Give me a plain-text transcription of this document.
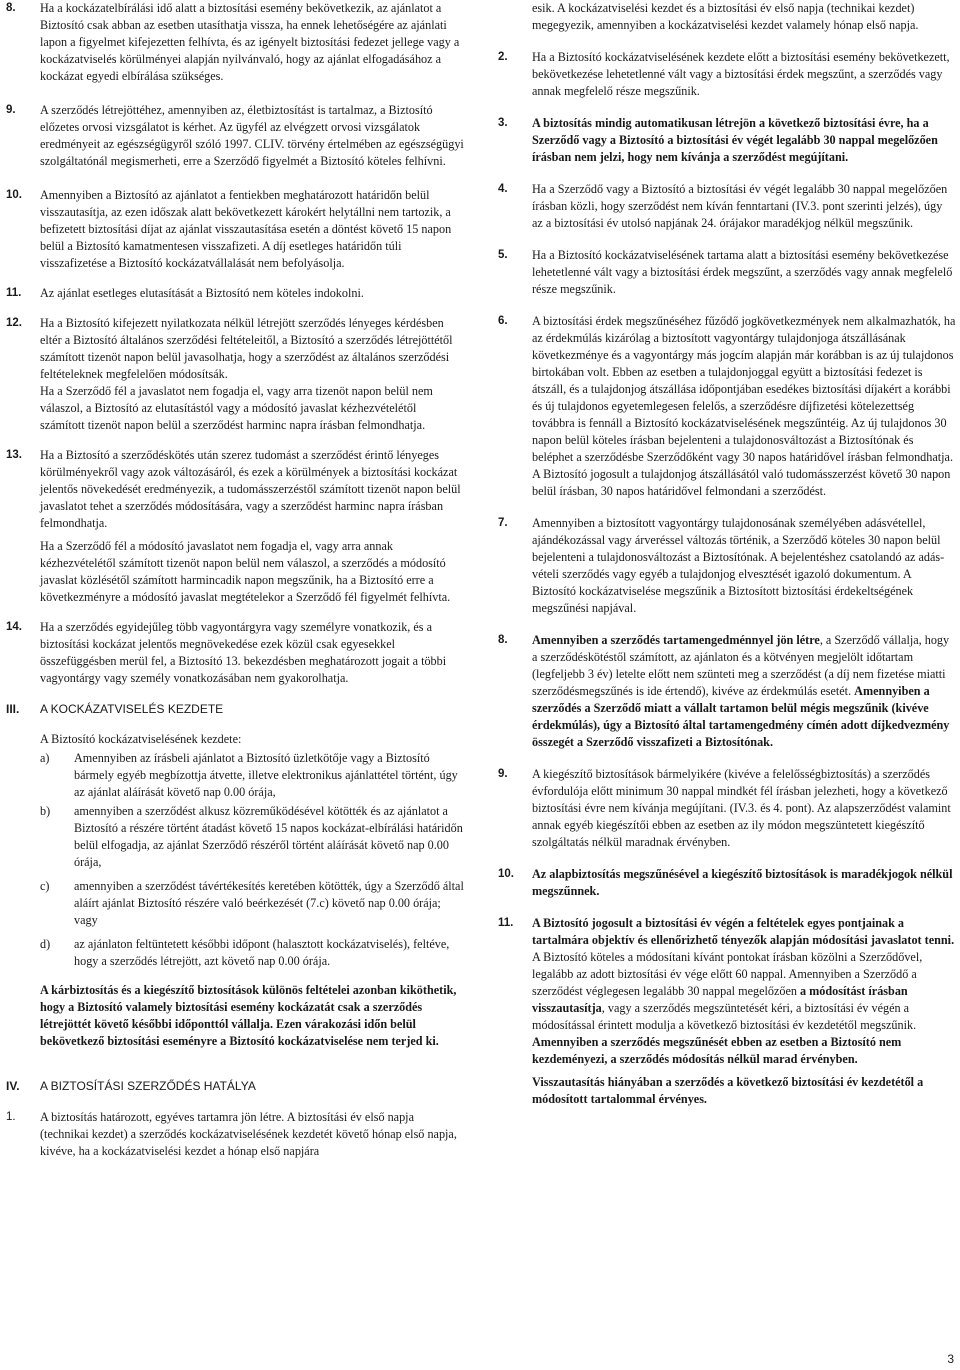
8. Ha a kockázatelbírálási idő alatt a biztosítási esemény bekövetkezik, az ajánlatot a Biztosító csak abban az esetben utasíthatja vissza, ha ennek lehetőségére az ajánlati lapon a figyelmet kifejezetten felhívta, és az igényelt biztosítási fedezet jellege vagy a kockázatviselés körülményei alapján nyilvánvaló, hogy az ajánlat elfogadásához a kockázat egyedi elbírálása szükséges.
9. A szerződés létrejöttéhez, amennyiben az, életbiztosítást is tartalmaz, a Biztosító előzetes orvosi vizsgálatot is kérhet. Az ügyfél az elvégzett orvosi vizsgálatok eredményeit az egészségügyről szóló 1997. CLIV. törvény értelmében az egészségügyi szolgáltatónál megismerheti, erre a Szerződő figyelmét a Biztosító köteles felhívni.
10. Amennyiben a Biztosító az ajánlatot a fentiekben meghatározott határidőn belül visszautasítja, az ezen időszak alatt bekövetkezett károkért helytállni nem tartozik, a befizetett biztosítási díjat az ajánlat visszautasítása esetén a döntést követő 15 napon belül a Biztosító kamatmentesen visszafizeti. A díj esetleges határidőn túli visszafizetése a Biztosító kockázatvállalását nem befolyásolja.
11. Az ajánlat esetleges elutasítását a Biztosító nem köteles indokolni.
12. Ha a Biztosító kifejezett nyilatkozata nélkül létrejött szerződés lényeges kérdésben eltér a Biztosító általános szerződési feltételeitől, a Biztosító a szerződés létrejöttétől számított tizenöt napon belül javasolhatja, hogy a szerződést az általános szerződési feltételeknek megfelelően módosítsák.
Ha a Szerződő fél a javaslatot nem fogadja el, vagy arra tizenöt napon belül nem válaszol, a Biztosító az elutasítástól vagy a módosító javaslat kézhezvételétől számított tizenöt napon belül a szerződést harminc napra írásban felmondhatja.
13. Ha a Biztosító a szerződéskötés után szerez tudomást a szerződést érintő lényeges körülményekről vagy azok változásáról, és ezek a körülmények a biztosítási kockázat jelentős növekedését eredményezik, a tudomásszerzéstől számított tizenöt napon belül javaslatot tehet a szerződés módosítására, vagy a szerződést harminc napra írásban felmondhatja.
Ha a Szerződő fél a módosító javaslatot nem fogadja el, vagy arra annak kézhezvételétől számított tizenöt napon belül nem válaszol, a szerződés a módosító javaslat közlésétől számított harmincadik napon megszűnik, ha a Biztosító erre a következményre a módosító javaslat megtételekor a Szerződő fél figyelmét felhívta.
14. Ha a szerződés egyidejűleg több vagyontárgyra vagy személyre vonatkozik, és a biztosítási kockázat jelentős megnövekedése ezek közül csak egyesekkel összefüggésben merül fel, a Biztosító 13. bekezdésben meghatározott jogait a többi vagyontárgy vagy személy vonatkozásában nem gyakorolhatja.
III. A KOCKÁZATVISELÉS KEZDETE
A Biztosító kockázatviselésének kezdete:
a) Amennyiben az írásbeli ajánlatot a Biztosító üzletkötője vagy a Biztosító bármely egyéb megbízottja átvette, illetve elektronikus ajánlattétel történt, úgy az ajánlat aláírását követő nap 0.00 órája,
b) amennyiben a szerződést alkusz közreműködésével kötötték és az ajánlatot a Biztosító a részére történt átadást követő 15 napos kockázat-elbírálási határidőn belül elfogadja, az ajánlat Szerződő részéről történt aláírását követő nap 0.00 órája,
c) amennyiben a szerződést távértékesítés keretében kötötték, úgy a Szerződő által aláírt ajánlat Biztosító részére való beérkezését (7.c) követő nap 0.00 órája; vagy
d) az ajánlaton feltüntetett későbbi időpont (halasztott kockázatviselés), feltéve, hogy a szerződés létrejött, azt követő nap 0.00 órája.
A kárbiztosítás és a kiegészítő biztosítások különös feltételei azonban kiköthetik, hogy a Biztosító valamely biztosítási esemény kockázatát csak a szerződés létrejöttét követő későbbi időponttól vállalja. Ezen várakozási időn belül bekövetkező biztosítási eseményre a Biztosító kockázatviselése nem terjed ki.
IV. A BIZTOSÍTÁSI SZERZŐDÉS HATÁLYA
1. A biztosítás határozott, egyéves tartamra jön létre. A biztosítási év első napja (technikai kezdet) a szerződés kockázatviselésének kezdetét követő hónap első napja, kivéve, ha a kockázatviselési kezdet a hónap első napjára
esik. A kockázatviselési kezdet és a biztosítási év első napja (technikai kezdet) megegyezik, amennyiben a kockázatviselési kezdet valamely hónap első napja.
2. Ha a Biztosító kockázatviselésének kezdete előtt a biztosítási esemény bekövetkezett, bekövetkezése lehetetlenné vált vagy a biztosítási érdek megszűnt, a szerződés vagy annak megfelelő része megszűnik.
3. A biztosítás mindig automatikusan létrejön a következő biztosítási évre, ha a Szerződő vagy a Biztosító a biztosítási év végét legalább 30 nappal megelőzően írásban nem jelzi, hogy nem kívánja a szerződést megújítani.
4. Ha a Szerződő vagy a Biztosító a biztosítási év végét legalább 30 nappal megelőzően írásban közli, hogy szerződést nem kíván fenntartani (IV.3. pont szerinti jelzés), úgy az a biztosítási év utolsó napjának 24. órájakor maradékjog nélkül megszűnik.
5. Ha a Biztosító kockázatviselésének tartama alatt a biztosítási esemény bekövetkezése lehetetlenné vált vagy a biztosítási érdek megszűnt, a szerződés vagy annak megfelelő része megszűnik.
6. A biztosítási érdek megszűnéséhez fűződő jogkövetkezmények nem alkalmazhatók, ha az érdekmúlás kizárólag a biztosított vagyontárgy tulajdonjoga átszállásának következménye és a vagyontárgy más jogcím alapján már korábban is az új tulajdonos birtokában volt. Ebben az esetben a tulajdonjoggal együtt a biztosítási fedezet is átszáll, és a tulajdonjog átszállása időpontjában esedékes biztosítási díjakért a korábbi és új tulajdonos egyetemlegesen felelős, a szerződésre díjfizetési kötelezettség továbbra is fennáll a Biztosító kockázatviselésének megszűntéig. Az új tulajdonos 30 napon belül köteles írásban bejelenteni a tulajdonosváltozást a Biztosítónak és beléphet a szerződésbe Szerződőként vagy 30 napos határidővel írásban felmondhatja. A Biztosító jogosult a tulajdonjog átszállásától való tudomásszerzést követő 30 napon belül írásban, 30 napos határidővel felmondani a szerződést.
7. Amennyiben a biztosított vagyontárgy tulajdonosának személyében adásvétellel, ajándékozással vagy árveréssel változás történik, a Szerződő köteles 30 napon belül bejelenteni a tulajdonosváltozást a Biztosítónak. A bejelentéshez csatolandó az adás-vételi szerződés vagy egyéb a tulajdonjog elvesztését igazoló dokumentum. A Biztosító kockázatviselése megszűnik a Biztosított biztosítási érdekeltségének megszűnési napjával.
8. Amennyiben a szerződés tartamengedménnyel jön létre, a Szerződő vállalja, hogy a szerződéskötéstől számított, az ajánlaton és a kötvényen megjelölt időtartam (legfeljebb 3 év) letelte előtt nem szünteti meg a szerződést (a díj nem fizetése miatti szerződésmegszűnés is ide értendő), kivéve az érdekmúlás esetét. Amennyiben a szerződés a Szerződő miatt a vállalt tartamon belül mégis megszűnik (kivéve érdekmúlás), úgy a Biztosító által tartamengedmény címén adott díjkedvezmény összegét a Szerződő visszafizeti a Biztosítónak.
9. A kiegészítő biztosítások bármelyikére (kivéve a felelősségbiztosítás) a szerződés évfordulója előtt minimum 30 nappal mindkét fél írásban jelezheti, hogy a következő biztosítási évre nem kívánja megújítani. (IV.3. és 4. pont). Az alapszerződést valamint annak egyéb kiegészítői ebben az esetben az ily módon megszüntetett kiegészítő szolgáltatás nélkül maradnak érvényben.
10. Az alapbiztosítás megszűnésével a kiegészítő biztosítások is maradékjogok nélkül megszűnnek.
11. A Biztosító jogosult a biztosítási év végén a feltételek egyes pontjainak a tartalmára objektív és ellenőrizhető tényezők alapján módosítási javaslatot tenni. A Biztosító köteles a módosítani kívánt pontokat írásban közölni a Szerződővel, legalább az adott biztosítási év vége előtt 60 nappal. Amennyiben a Szerződő a szerződést véglegesen legalább 30 nappal megelőzően a módosítást írásban visszautasítja, vagy a szerződés megszüntetését kéri, a biztosítási év végén a módosítással érintett modulja a következő biztosítási év kezdetétől megszűnik.
Amennyiben a szerződés megszűnését ebben az esetben a Biztosító nem kezdeményezi, a szerződés módosítás nélkül marad érvényben.
Visszautasítás hiányában a szerződés a következő biztosítási év kezdetétől a módosított tartalommal érvényes.
3
